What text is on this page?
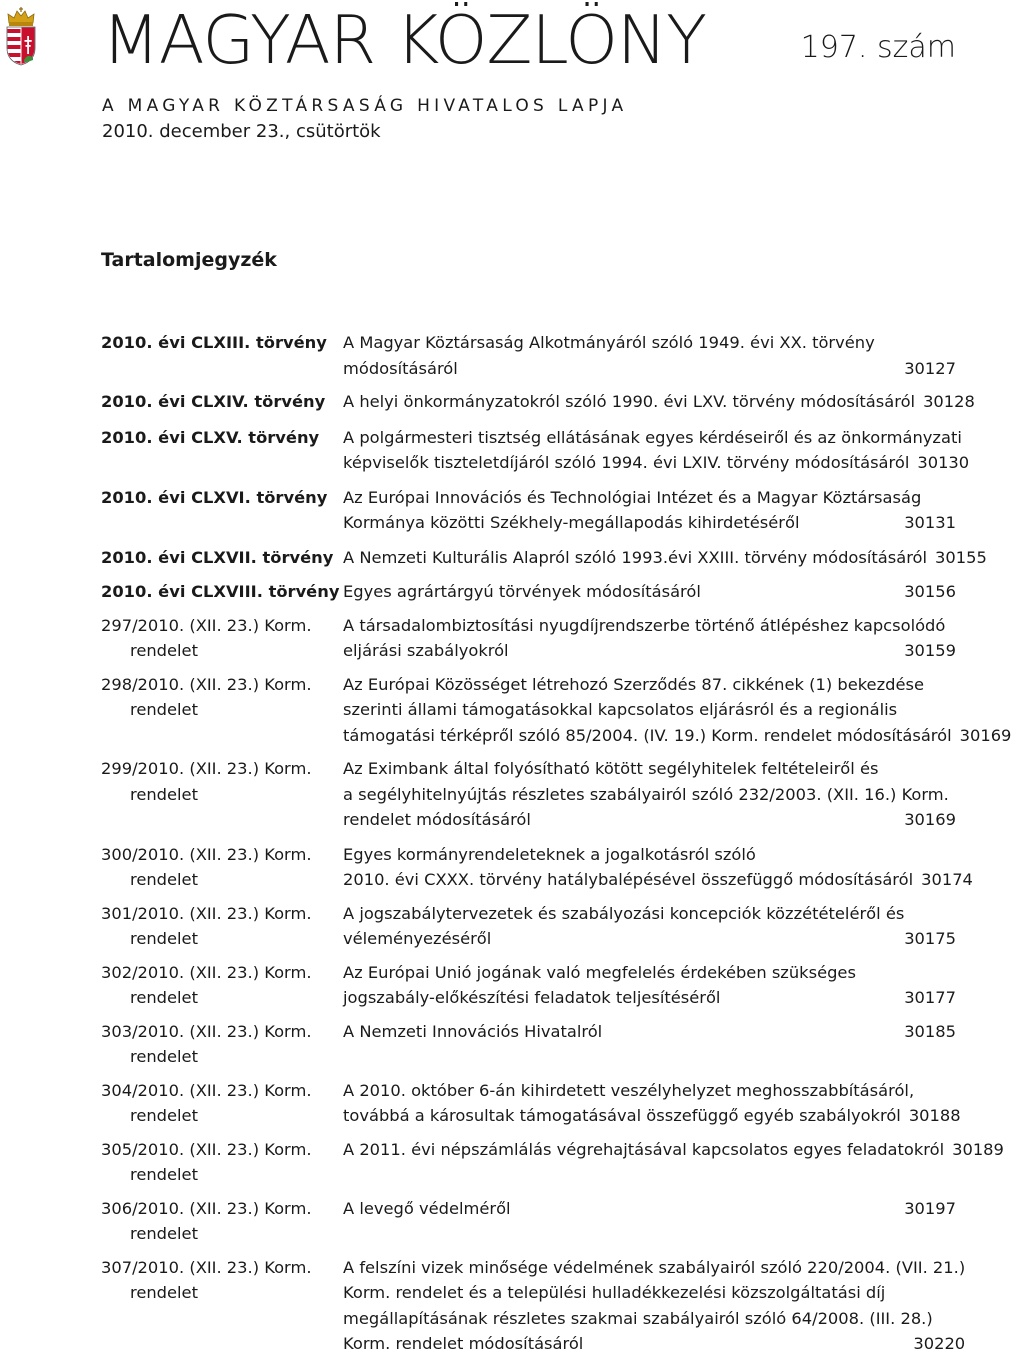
MAGYAR KÖZLÖNY	197. szám
A MAGYAR KÖZTÁRSASÁG HIVATALOS LAPJA
2010. december 23., csütörtök
Tartalomjegyzék
2010. évi CLXIII. törvény A Magyar Köztársaság Alkotmányáról szóló 1949. évi XX. törvény
módosításáról	30127
2010. évi CLXIV. törvény	A helyi önkormányzatokról szóló 1990. évi LXV. törvény módosításáról 30128
2010. évi CLXV. törvény	A polgármesteri tisztség ellátásának egyes kérdéseiről és az önkormányzati
képviselők tiszteletdíjáról szóló 1994. évi LXIV. törvény módosításáról 30130
2010. évi CLXVI. törvény Az Európai Innovációs és Technológiai Intézet és a Magyar Köztársaság
Kormánya közötti Székhely-megállapodás kihirdetéséről	30131
2010. évi CLXVII. törvény A Nemzeti Kulturális Alapról szóló 1993.évi XXIII. törvény módosításáról 30155
2010. évi CLXVIII. törvény Egyes agrártárgyú törvények módosításáról	30156
297/2010. (XII. 23.) Korm.
rendelet
A társadalombiztosítási nyugdíjrendszerbe történő átlépéshez kapcsolódó
eljárási szabályokról	30159
298/2010. (XII. 23.) Korm.
rendelet
Az Európai Közösséget létrehozó Szerződés 87. cikkének (1) bekezdése
szerinti állami támogatásokkal kapcsolatos eljárásról és a regionális
támogatási térképről szóló 85/2004. (IV. 19.) Korm. rendelet módosításáról 30169
299/2010. (XII. 23.) Korm.
rendelet
Az Eximbank által folyósítható kötött segélyhitelek feltételeiről és
a segélyhitelnyújtás részletes szabályairól szóló 232/2003. (XII. 16.) Korm.
rendelet módosításáról	30169
300/2010. (XII. 23.) Korm.
rendelet
Egyes kormányrendeleteknek a jogalkotásról szóló
2010. évi CXXX. törvény hatálybalépésével összefüggő módosításáról 30174
301/2010. (XII. 23.) Korm.
rendelet
A jogszabálytervezetek és szabályozási koncepciók közzétételéről és
véleményezéséről	30175
302/2010. (XII. 23.) Korm.
rendelet
Az Európai Unió jogának való megfelelés érdekében szükséges
jogszabály-előkészítési feladatok teljesítéséről	30177
303/2010. (XII. 23.) Korm.
rendelet
A Nemzeti Innovációs Hivatalról	30185
304/2010. (XII. 23.) Korm.
rendelet
A 2010. október 6-án kihirdetett veszélyhelyzet meghosszabbításáról,
továbbá a károsultak támogatásával összefüggő egyéb szabályokról 30188
305/2010. (XII. 23.) Korm.
rendelet
A 2011. évi népszámlálás végrehajtásával kapcsolatos egyes feladatokról 30189
306/2010. (XII. 23.) Korm.
rendelet
A levegő védelméről	30197
307/2010. (XII. 23.) Korm.
rendelet
A felszíni vizek minősége védelmének szabályairól szóló 220/2004. (VII. 21.)
Korm. rendelet és a települési hulladékkezelési közszolgáltatási díj
megállapításának részletes szakmai szabályairól szóló 64/2008. (III. 28.)
Korm. rendelet módosításáról	30220
